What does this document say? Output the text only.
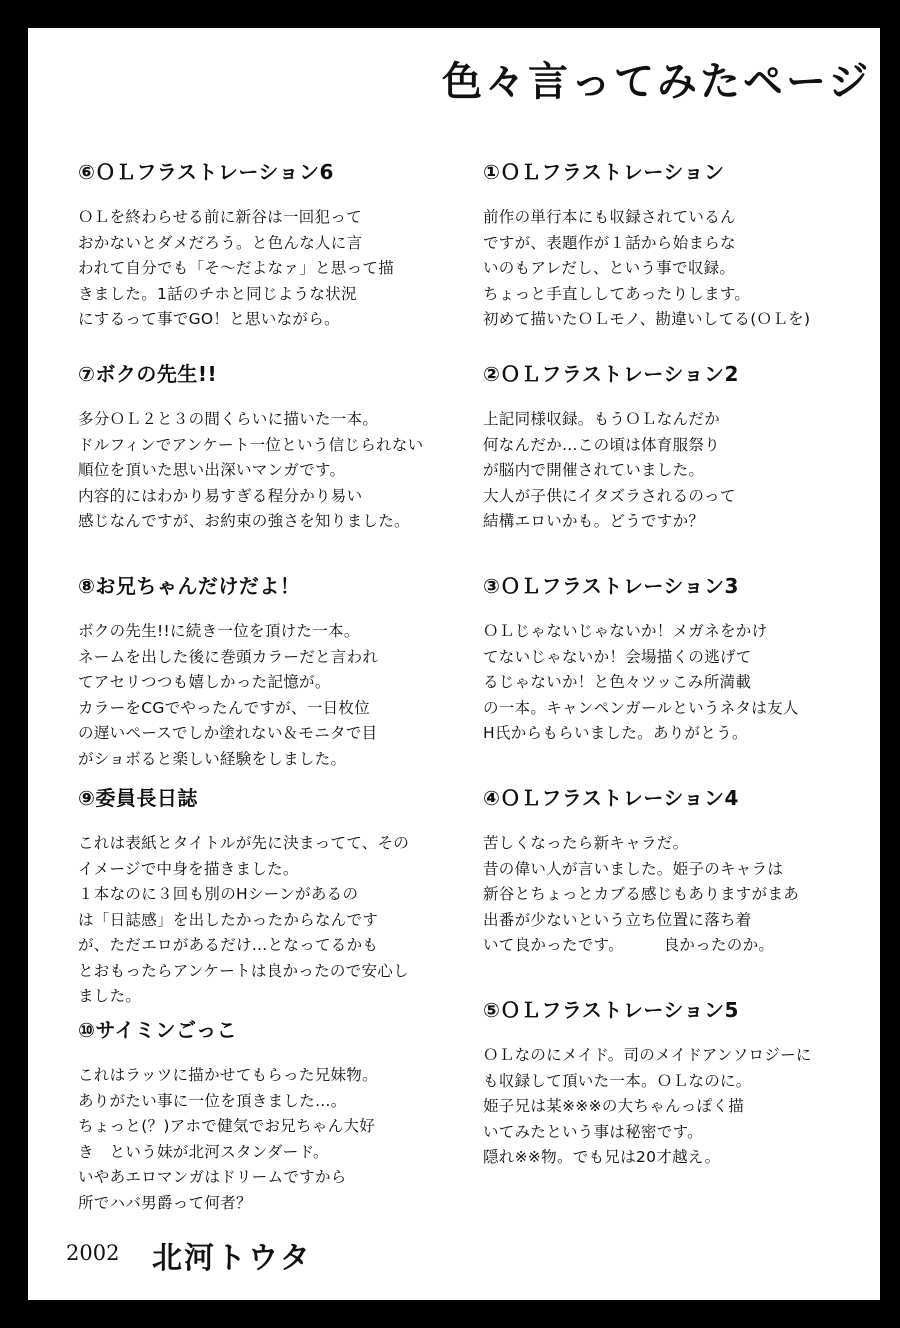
色々言ってみたページ
⑥ＯＬフラストレーション6
ＯＬを終わらせる前に新谷は一回犯って
おかないとダメだろう。と色んな人に言
われて自分でも「そ～だよなァ」と思って描
きました。1話のチホと同じような状況
にするって事でGO！と思いながら。
⑦ボクの先生!!
多分ＯＬ２と３の間くらいに描いた一本。
ドルフィンでアンケート一位という信じられない
順位を頂いた思い出深いマンガです。
内容的にはわかり易すぎる程分かり易い
感じなんですが、お約束の強さを知りました。
⑧お兄ちゃんだけだよ！
ボクの先生!!に続き一位を頂けた一本。
ネームを出した後に巻頭カラーだと言われ
てアセリつつも嬉しかった記憶が。
カラーをCGでやったんですが、一日枚位
の遅いペースでしか塗れない＆モニタで目
がショボると楽しい経験をしました。
⑨委員長日誌
これは表紙とタイトルが先に決まってて、その
イメージで中身を描きました。
１本なのに３回も別のHシーンがあるの
は「日誌感」を出したかったからなんです
が、ただエロがあるだけ…となってるかも
とおもったらアンケートは良かったので安心し
ました。
⑩サイミンごっこ
これはラッツに描かせてもらった兄妹物。
ありがたい事に一位を頂きました…。
ちょっと(？)アホで健気でお兄ちゃん大好
き　という妹が北河スタンダード。
いやあエロマンガはドリームですから
所でハバ男爵って何者？
①ＯＬフラストレーション
前作の単行本にも収録されているん
ですが、表題作が１話から始まらな
いのもアレだし、という事で収録。
ちょっと手直ししてあったりします。
初めて描いたＯＬモノ、勘違いしてる(ＯＬを)
②ＯＬフラストレーション2
上記同様収録。もうＯＬなんだか
何なんだか…この頃は体育服祭り
が脳内で開催されていました。
大人が子供にイタズラされるのって
結構エロいかも。どうですか？
③ＯＬフラストレーション3
ＯＬじゃないじゃないか！メガネをかけ
てないじゃないか！会場描くの逃げて
るじゃないか！と色々ツッこみ所満載
の一本。キャンペンガールというネタは友人
H氏からもらいました。ありがとう。
④ＯＬフラストレーション4
苦しくなったら新キャラだ。
昔の偉い人が言いました。姫子のキャラは
新谷とちょっとカブる感じもありますがまあ
出番が少ないという立ち位置に落ち着
いて良かったです。　　　良かったのか。
⑤ＯＬフラストレーション5
ＯＬなのにメイド。司のメイドアンソロジーに
も収録して頂いた一本。ＯＬなのに。
姫子兄は某※※※の大ちゃんっぽく描
いてみたという事は秘密です。
隠れ※※物。でも兄は20才越え。
2002 北河トウタ
